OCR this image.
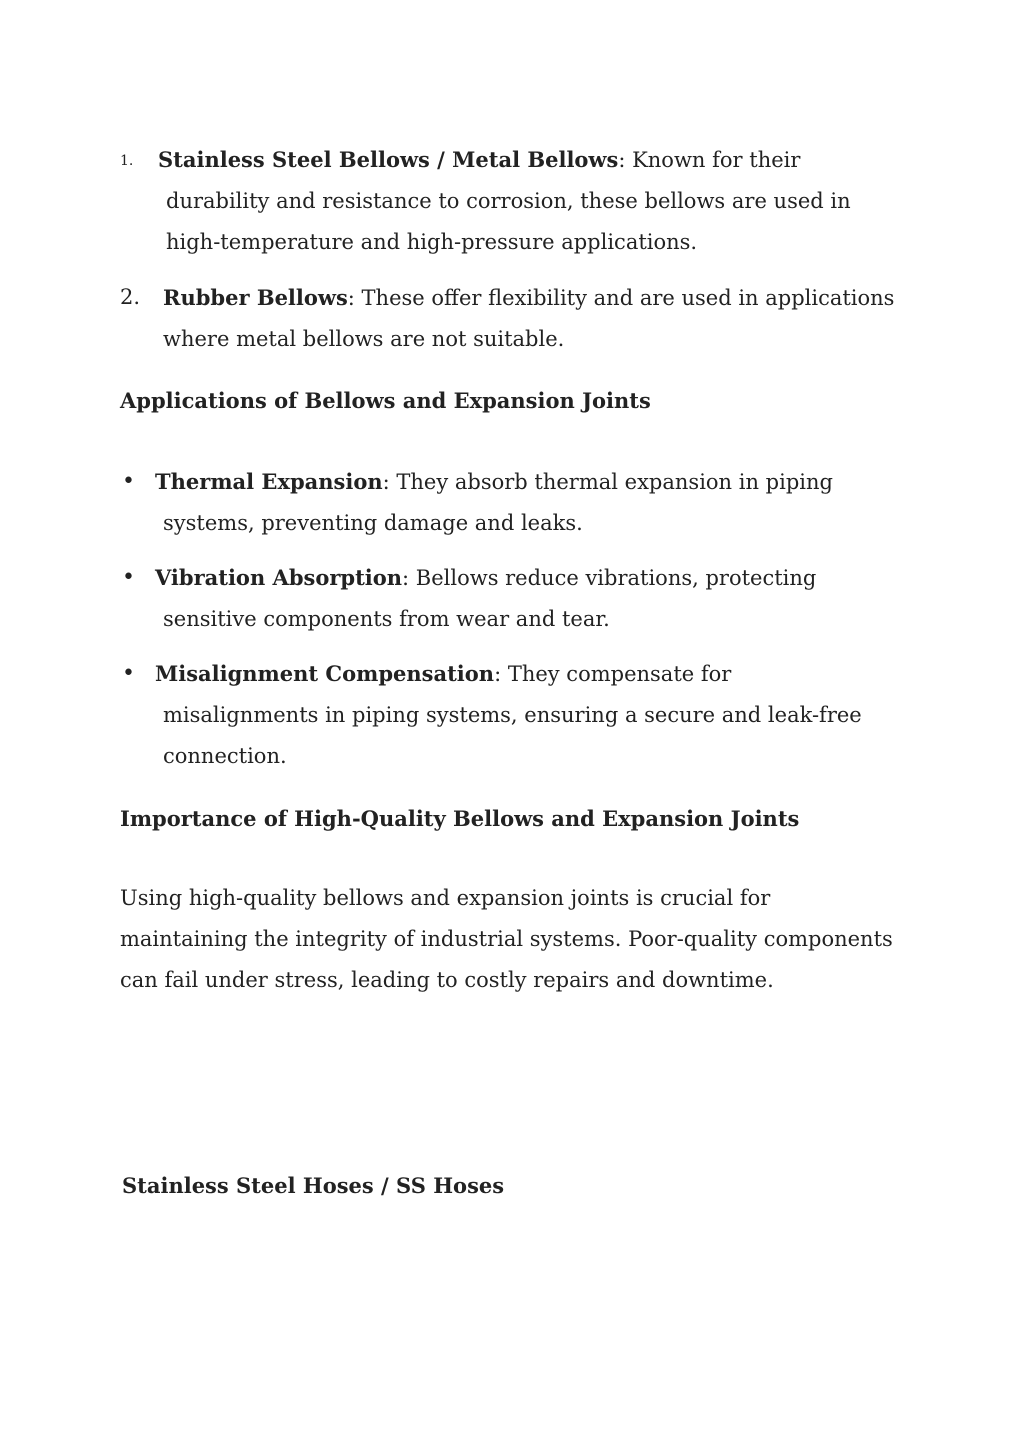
1.	Stainless Steel Bellows / Metal Bellows: Known for their durability and resistance to corrosion, these bellows are used in high-temperature and high-pressure applications.
2.	Rubber Bellows: These offer flexibility and are used in applications where metal bellows are not suitable.
Applications of Bellows and Expansion Joints
• Thermal Expansion: They absorb thermal expansion in piping systems, preventing damage and leaks.
• Vibration Absorption: Bellows reduce vibrations, protecting sensitive components from wear and tear.
• Misalignment Compensation: They compensate for misalignments in piping systems, ensuring a secure and leak-free connection.
Importance of High-Quality Bellows and Expansion Joints
Using high-quality bellows and expansion joints is crucial for maintaining the integrity of industrial systems. Poor-quality components can fail under stress, leading to costly repairs and downtime.
Stainless Steel Hoses / SS Hoses
